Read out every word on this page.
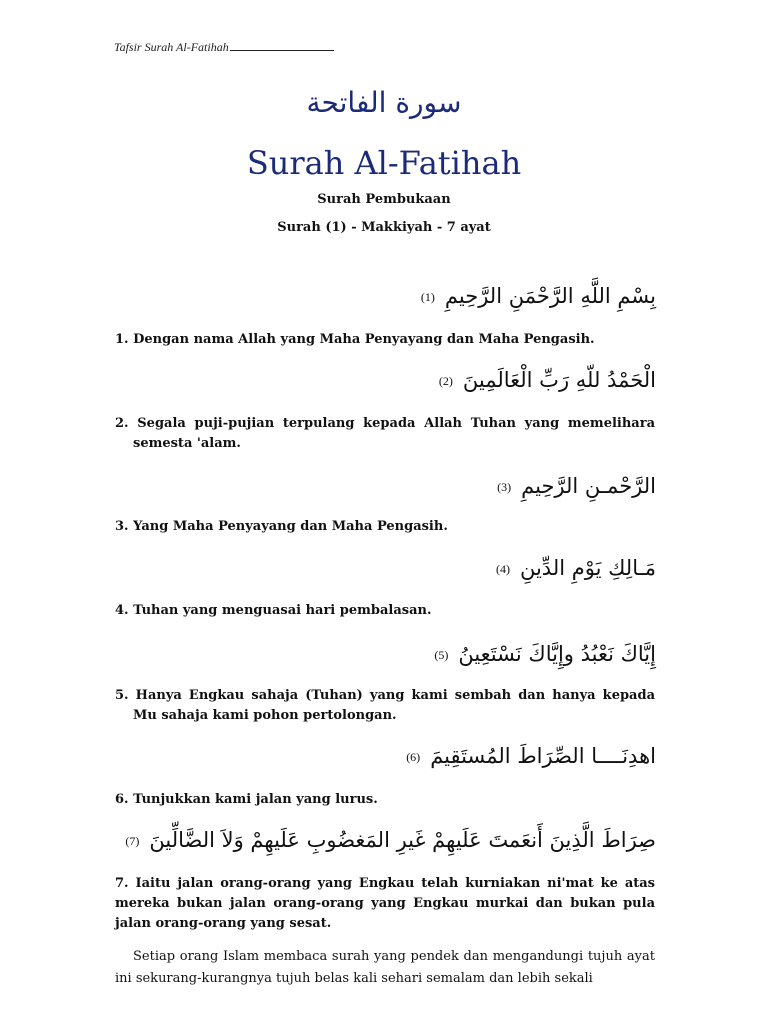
Tafsir Surah Al-Fatihah
سورة الفاتحة
Surah Al-Fatihah
Surah Pembukaan
Surah (1) - Makkiyah - 7 ayat
(1) بِسْمِ اللَّهِ الرَّحْمَنِ الرَّحِيمِ
1. Dengan nama Allah yang Maha Penyayang dan Maha Pengasih.
(2) الْحَمْدُ للّهِ رَبِّ الْعَالَمِينَ
2. Segala puji-pujian terpulang kepada Allah Tuhan yang memelihara semesta 'alam.
(3) الرَّحْمـنِ الرَّحِيمِ
3. Yang Maha Penyayang dan Maha Pengasih.
(4) مَـالِكِ يَوْمِ الدِّينِ
4. Tuhan yang menguasai hari pembalasan.
(5) إِيَّاكَ نَعْبُدُ وإِيَّاكَ نَسْتَعِينُ
5. Hanya Engkau sahaja (Tuhan) yang kami sembah dan hanya kepada Mu sahaja kami pohon pertolongan.
(6) اهدِنَــــا الصِّرَاطَ المُستَقِيمَ
6. Tunjukkan kami jalan yang lurus.
(7) صِرَاطَ الَّذِينَ أَنعَمتَ عَلَيهِمْ غَيرِ المَغضُوبِ عَلَيهِمْ وَلاَ الضَّالِّينَ
7. Iaitu jalan orang-orang yang Engkau telah kurniakan ni'mat ke atas mereka bukan jalan orang-orang yang Engkau murkai dan bukan pula jalan orang-orang yang sesat.
Setiap orang Islam membaca surah yang pendek dan mengandungi tujuh ayat ini sekurang-kurangnya tujuh belas kali sehari semalam dan lebih sekali
